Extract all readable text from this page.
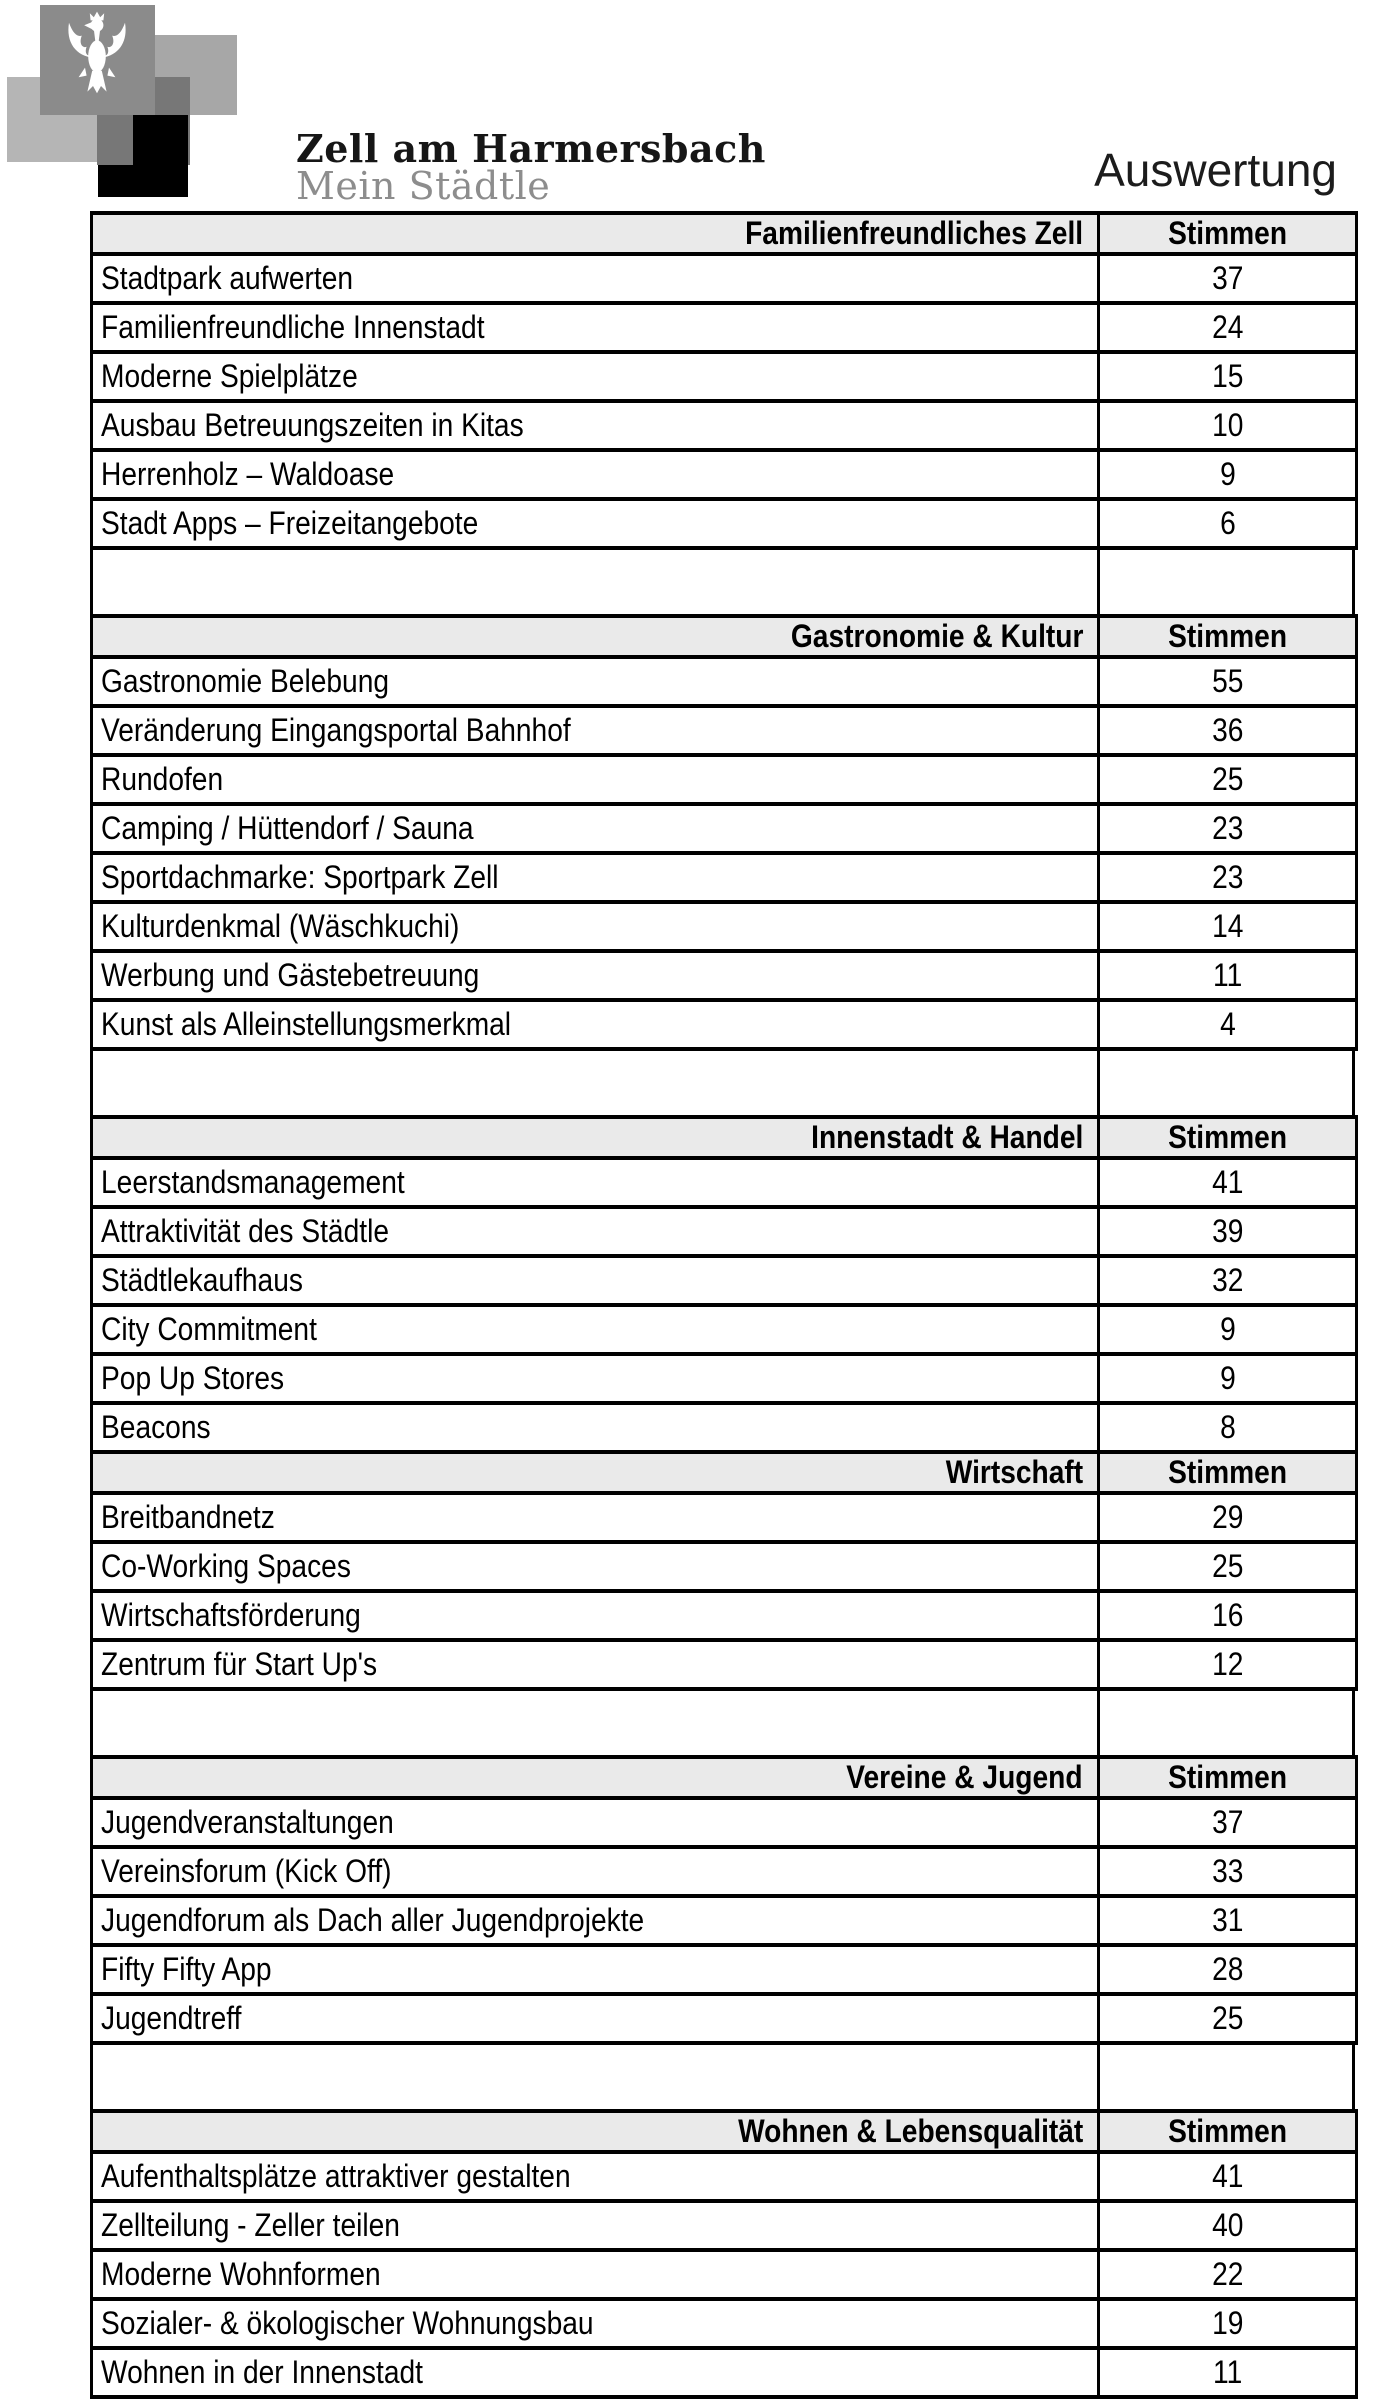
Zell am Harmersbach
Mein Städtle	Auswertung
Familienfreundliches Zell	Stimmen
Stadtpark aufwerten	37
Familienfreundliche Innenstadt	24
Moderne Spielplätze	15
Ausbau Betreuungszeiten in Kitas	10
Herrenholz – Waldoase	9
Stadt Apps – Freizeitangebote	6
Gastronomie & Kultur	Stimmen
Gastronomie Belebung	55
Veränderung Eingangsportal Bahnhof	36
Rundofen	25
Camping / Hüttendorf / Sauna	23
Sportdachmarke: Sportpark Zell	23
Kulturdenkmal (Wäschkuchi)	14
Werbung und Gästebetreuung	11
Kunst als Alleinstellungsmerkmal	4
Innenstadt & Handel	Stimmen
Leerstandsmanagement	41
Attraktivität des Städtle	39
Städtlekaufhaus	32
City Commitment	9
Pop Up Stores	9
Beacons	8
Wirtschaft	Stimmen
Breitbandnetz	29
Co-Working Spaces	25
Wirtschaftsförderung	16
Zentrum für Start Up's	12
Vereine & Jugend	Stimmen
Jugendveranstaltungen	37
Vereinsforum (Kick Off)	33
Jugendforum als Dach aller Jugendprojekte	31
Fifty Fifty App	28
Jugendtreff	25
Wohnen & Lebensqualität	Stimmen
Aufenthaltsplätze attraktiver gestalten	41
Zellteilung - Zeller teilen	40
Moderne Wohnformen	22
Sozialer- & ökologischer Wohnungsbau	19
Wohnen in der Innenstadt	11
